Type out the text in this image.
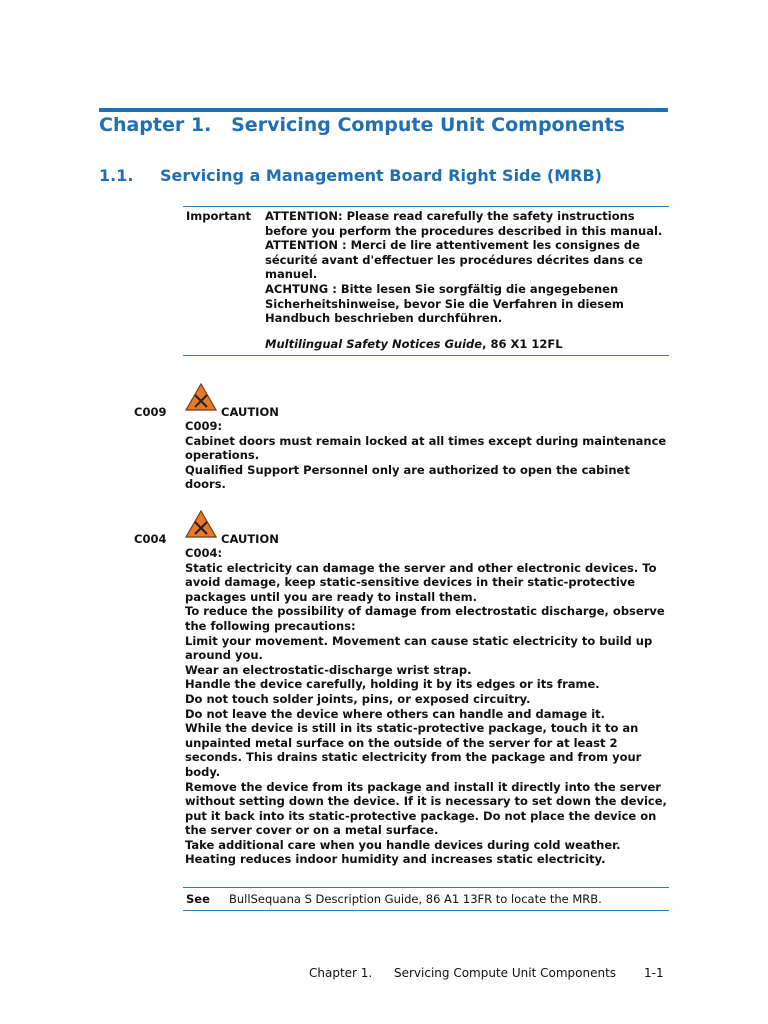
Chapter 1.   Servicing Compute Unit Components
1.1. Servicing a Management Board Right Side (MRB)
Important ATTENTION: Please read carefully the safety instructions before you perform the procedures described in this manual.

ATTENTION : Merci de lire attentivement les consignes de sécurité avant d'effectuer les procédures décrites dans ce manuel.

ACHTUNG : Bitte lesen Sie sorgfältig die angegebenen Sicherheitshinweise, bevor Sie die Verfahren in diesem Handbuch beschrieben durchführen.

Multilingual Safety Notices Guide, 86 X1 12FL

C009	CAUTION

C009:

Cabinet doors must remain locked at all times except during maintenance operations.

Qualified Support Personnel only are authorized to open the cabinet doors.

C004	CAUTION

C004:

Static electricity can damage the server and other electronic devices. To avoid damage, keep static-sensitive devices in their static-protective packages until you are ready to install them.

To reduce the possibility of damage from electrostatic discharge, observe the following precautions:

Limit your movement. Movement can cause static electricity to build up around you.

Wear an electrostatic-discharge wrist strap.

Handle the device carefully, holding it by its edges or its frame.

Do not touch solder joints, pins, or exposed circuitry.

Do not leave the device where others can handle and damage it.

While the device is still in its static-protective package, touch it to an unpainted metal surface on the outside of the server for at least 2 seconds. This drains static electricity from the package and from your body.

Remove the device from its package and install it directly into the server without setting down the device. If it is necessary to set down the device, put it back into its static-protective package. Do not place the device on the server cover or on a metal surface.

Take additional care when you handle devices during cold weather. Heating reduces indoor humidity and increases static electricity.

See BullSequana S Description Guide, 86 A1 13FR to locate the MRB.
Chapter 1. Servicing Compute Unit Components 1-1
